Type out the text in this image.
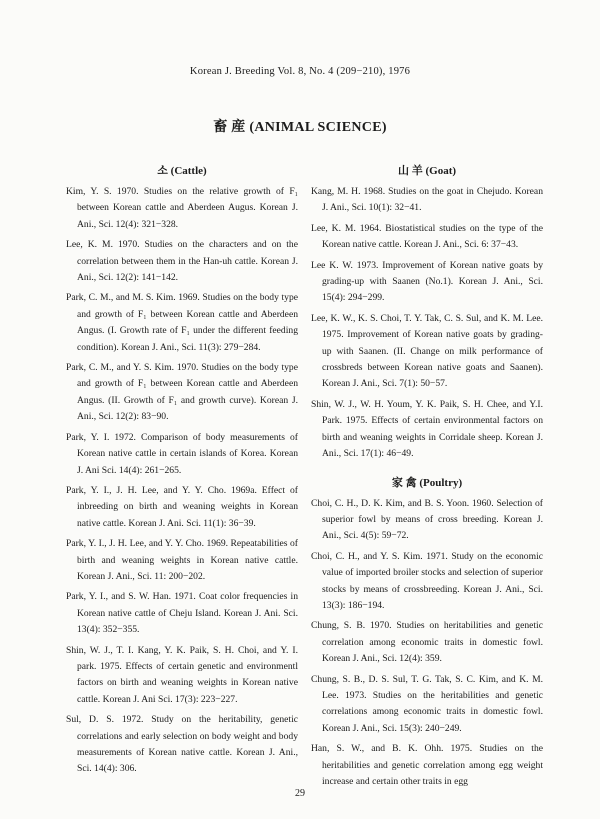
Korean J. Breeding Vol. 8, No. 4 (209−210), 1976
畜 産 (ANIMAL SCIENCE)
소 (Cattle)

Kim, Y. S. 1970. Studies on the relative growth of F₁ between Korean cattle and Aberdeen Augus. Korean J. Ani., Sci. 12(4): 321−328.

Lee, K. M. 1970. Studies on the characters and on the correlation between them in the Han-uh cattle. Korean J. Ani., Sci. 12(2): 141−142.

Park, C. M., and M. S. Kim. 1969. Studies on the body type and growth of F₁ between Korean cattle and Aberdeen Angus. (I. Growth rate of F₁ under the different feeding condition). Korean J. Ani., Sci. 11(3): 279−284.

Park, C. M., and Y. S. Kim. 1970. Studies on the body type and growth of F₁ between Korean cattle and Aberdeen Angus. (II. Growth of F₁ and growth curve). Korean J. Ani., Sci. 12(2): 83−90.

Park, Y. I. 1972. Comparison of body measurements of Korean native cattle in certain islands of Korea. Korean J. Ani Sci. 14(4): 261−265.

Park, Y. I., J. H. Lee, and Y. Y. Cho. 1969a. Effect of inbreeding on birth and weaning weights in Korean native cattle. Korean J. Ani. Sci. 11(1): 36−39.

Park, Y. I., J. H. Lee, and Y. Y. Cho. 1969. Repeatabilities of birth and weaning weights in Korean native cattle. Korean J. Ani., Sci. 11: 200−202.

Park, Y. I., and S. W. Han. 1971. Coat color frequencies in Korean native cattle of Cheju Island. Korean J. Ani. Sci. 13(4): 352−355.

Shin, W. J., T. I. Kang, Y. K. Paik, S. H. Choi, and Y. I. park. 1975. Effects of certain genetic and environmentl factors on birth and weaning weights in Korean native cattle. Korean J. Ani Sci. 17(3): 223−227.

Sul, D. S. 1972. Study on the heritability, genetic correlations and early selection on body weight and body measurements of Korean native cattle. Korean J. Ani., Sci. 14(4): 306.

山 羊 (Goat)

Kang, M. H. 1968. Studies on the goat in Chejudo. Korean J. Ani., Sci. 10(1): 32−41.

Lee, K. M. 1964. Biostatistical studies on the type of the Korean native cattle. Korean J. Ani., Sci. 6: 37−43.

Lee K. W. 1973. Improvement of Korean native goats by grading-up with Saanen (No.1). Korean J. Ani., Sci. 15(4): 294−299.

Lee, K. W., K. S. Choi, T. Y. Tak, C. S. Sul, and K. M. Lee. 1975. Improvement of Korean native goats by grading-up with Saanen. (II. Change on milk performance of crossbreds between Korean native goats and Saanen). Korean J. Ani., Sci. 7(1): 50−57.

Shin, W. J., W. H. Youm, Y. K. Paik, S. H. Chee, and Y.I. Park. 1975. Effects of certain environmental factors on birth and weaning weights in Corridale sheep. Korean J. Ani., Sci. 17(1): 46−49.

家 禽 (Poultry)

Choi, C. H., D. K. Kim, and B. S. Yoon. 1960. Selection of superior fowl by means of cross breeding. Korean J. Ani., Sci. 4(5): 59−72.

Choi, C. H., and Y. S. Kim. 1971. Study on the economic value of imported broiler stocks and selection of superior stocks by means of crossbreeding. Korean J. Ani., Sci. 13(3): 186−194.

Chung, S. B. 1970. Studies on heritabilities and genetic correlation among economic traits in domestic fowl. Korean J. Ani., Sci. 12(4): 359.

Chung, S. B., D. S. Sul, T. G. Tak, S. C. Kim, and K. M. Lee. 1973. Studies on the heritabilities and genetic correlations among economic traits in domestic fowl. Korean J. Ani., Sci. 15(3): 240−249.

Han, S. W., and B. K. Ohh. 1975. Studies on the heritabilities and genetic correlation among egg weight increase and certain other traits in egg

29
